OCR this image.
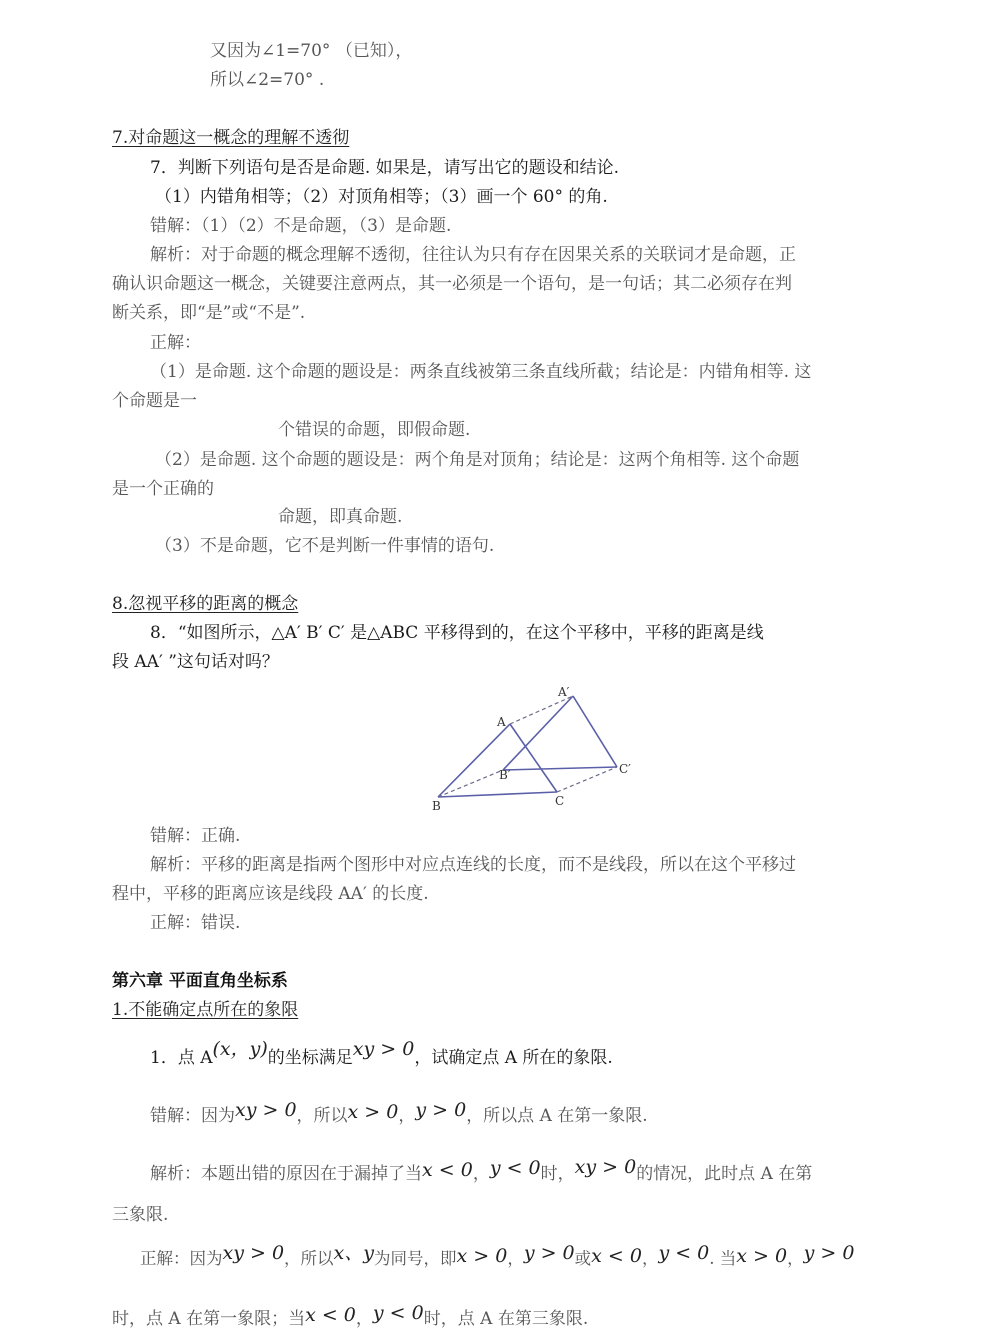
又因为∠1=70° （已知），
所以∠2=70° .
7.对命题这一概念的理解不透彻
7．判断下列语句是否是命题. 如果是，请写出它的题设和结论.
（1）内错角相等；（2）对顶角相等；（3）画一个 60° 的角.
错解：（1）（2）不是命题，（3）是命题.
解析：对于命题的概念理解不透彻，往往认为只有存在因果关系的关联词才是命题，正
确认识命题这一概念，关键要注意两点，其一必须是一个语句，是一句话；其二必须存在判
断关系，即“是”或“不是”.
正解：
（1）是命题. 这个命题的题设是：两条直线被第三条直线所截；结论是：内错角相等. 这
个命题是一
个错误的命题，即假命题.
（2）是命题. 这个命题的题设是：两个角是对顶角；结论是：这两个角相等. 这个命题
是一个正确的
命题，即真命题.
（3）不是命题，它不是判断一件事情的语句.
8.忽视平移的距离的概念
8．“如图所示，△A′ B′ C′ 是△ABC 平移得到的，在这个平移中，平移的距离是线
段 AA′ ”这句话对吗？
A
B	C
A′
B′	C′
错解：正确.
解析：平移的距离是指两个图形中对应点连线的长度，而不是线段，所以在这个平移过
程中，平移的距离应该是线段 AA′ 的长度.
正解：错误.
第六章 平面直角坐标系
1.不能确定点所在的象限
1．点 A(x，y)的坐标满足xy > 0，试确定点 A 所在的象限.
错解：因为xy > 0，所以x > 0，y > 0，所以点 A 在第一象限.
解析：本题出错的原因在于漏掉了当x < 0，y < 0时，xy > 0的情况，此时点 A 在第
三象限.
正解：因为xy > 0，所以x、y为同号，即x > 0，y > 0或x < 0，y < 0. 当x > 0，y > 0
时，点 A 在第一象限；当x < 0，y < 0时，点 A 在第三象限.
